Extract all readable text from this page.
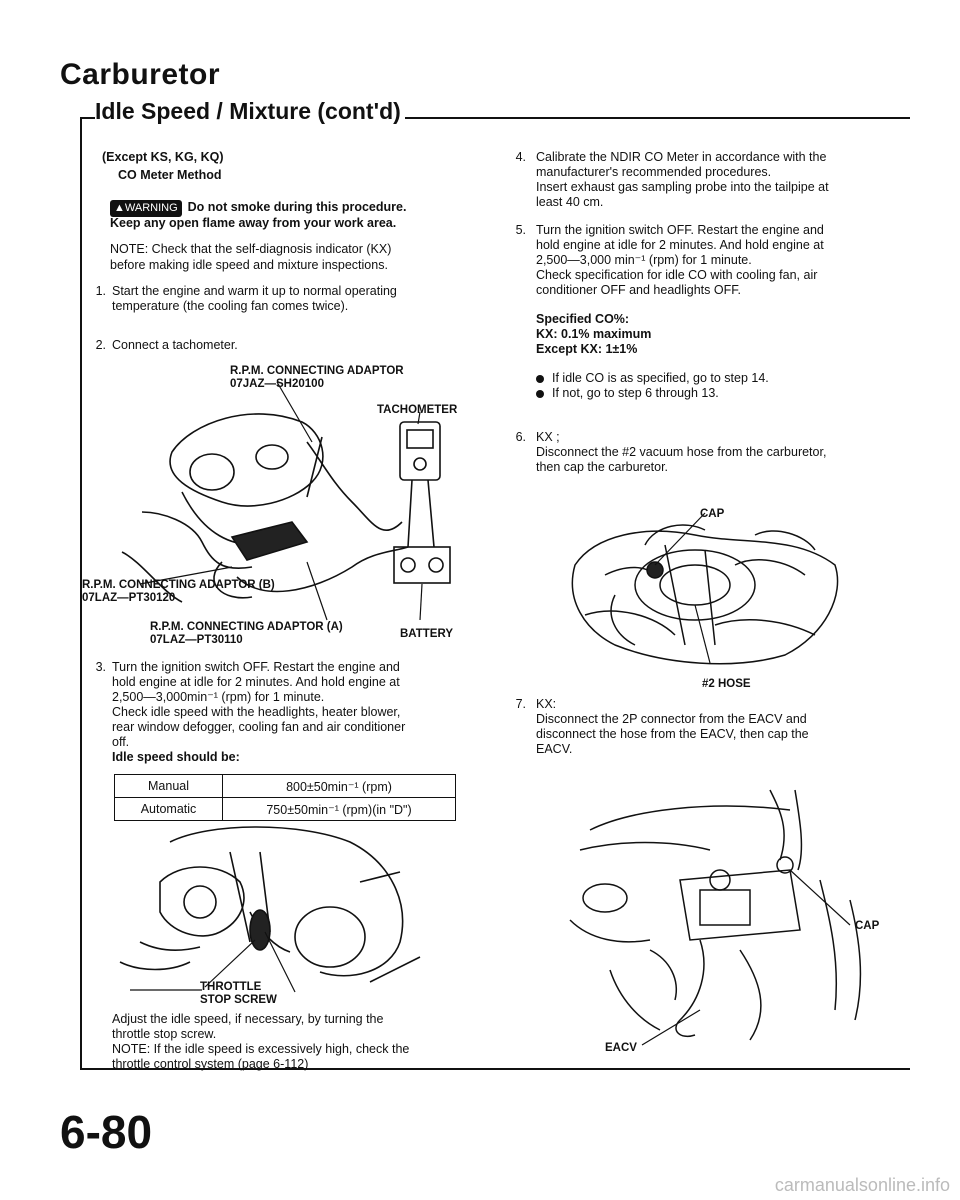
Carburetor
Idle Speed / Mixture (cont'd)
(Except KS, KG, KQ)
CO Meter Method
▲WARNING Do not smoke during this procedure.
Keep any open flame away from your work area.
NOTE: Check that the self-diagnosis indicator (KX)
before making idle speed and mixture inspections.
1. Start the engine and warm it up to normal operating
temperature (the cooling fan comes twice).
2. Connect a tachometer.
R.P.M. CONNECTING ADAPTOR
07JAZ—SH20100
TACHOMETER
R.P.M. CONNECTING ADAPTOR (B)
07LAZ—PT30120
R.P.M. CONNECTING ADAPTOR (A)
07LAZ—PT30110	BATTERY
3. Turn the ignition switch OFF. Restart the engine and
hold engine at idle for 2 minutes. And hold engine at
2,500—3,000min⁻¹ (rpm) for 1 minute.
Check idle speed with the headlights, heater blower,
rear window defogger, cooling fan and air conditioner
off.
Idle speed should be:
Manual	800±50min⁻¹ (rpm)
Automatic	750±50min⁻¹ (rpm)(in "D")
THROTTLE
STOP SCREW
Adjust the idle speed, if necessary, by turning the
throttle stop screw.
NOTE: If the idle speed is excessively high, check the
throttle control system (page 6-112)
4. Calibrate the NDIR CO Meter in accordance with the
manufacturer's recommended procedures.
Insert exhaust gas sampling probe into the tailpipe at
least 40 cm.
5. Turn the ignition switch OFF. Restart the engine and
hold engine at idle for 2 minutes. And hold engine at
2,500—3,000 min⁻¹ (rpm) for 1 minute.
Check specification for idle CO with cooling fan, air
conditioner OFF and headlights OFF.
Specified CO%:
KX: 0.1% maximum
Except KX: 1±1%
If idle CO is as specified, go to step 14.
If not, go to step 6 through 13.
6. KX ;
Disconnect the #2 vacuum hose from the carburetor,
then cap the carburetor.
CAP
#2 HOSE
7. KX:
Disconnect the 2P connector from the EACV and
disconnect the hose from the EACV, then cap the
EACV.
CAP
EACV
6-80
carmanualsonline.info
